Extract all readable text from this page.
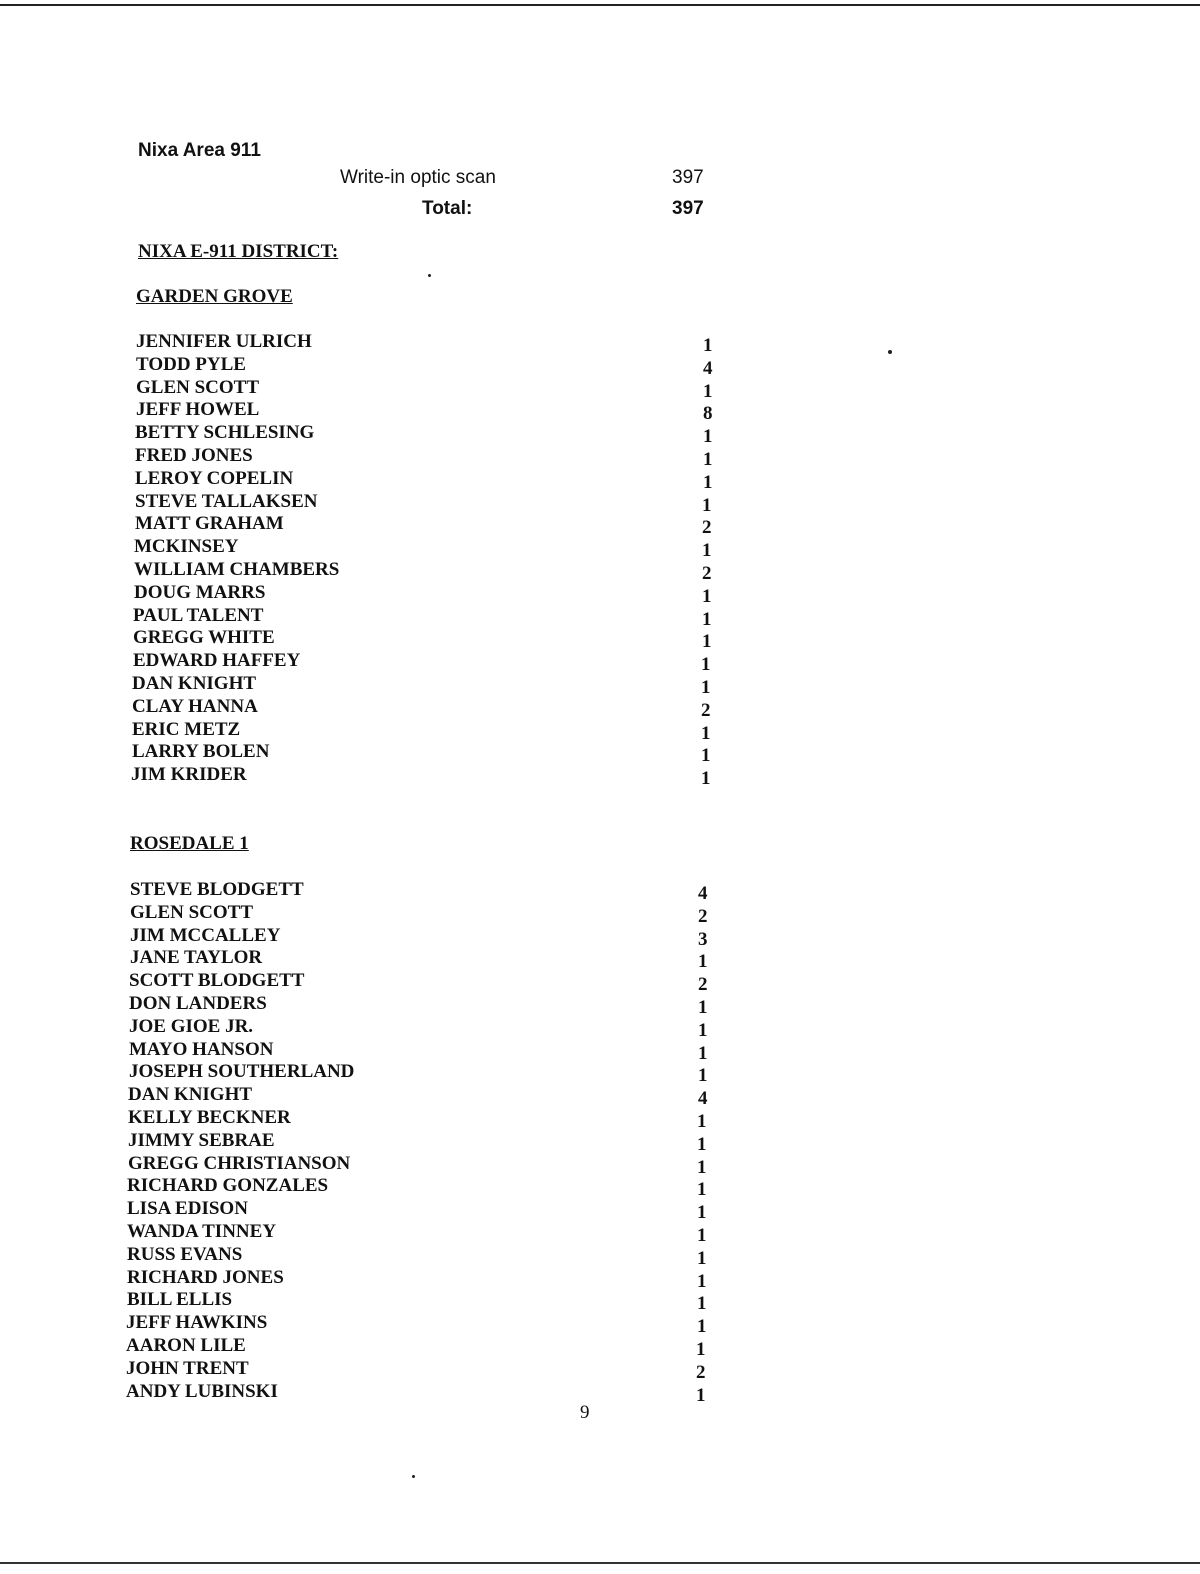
Nixa Area 911
Write-in optic scan	397
Total:	397
NIXA E-911 DISTRICT:
GARDEN GROVE
JENNIFER ULRICH	1
TODD PYLE	4
GLEN SCOTT	1
JEFF HOWEL	8
BETTY SCHLESING	1
FRED JONES	1
LEROY COPELIN	1
STEVE TALLAKSEN	1
MATT GRAHAM	2
MCKINSEY	1
WILLIAM CHAMBERS	2
DOUG MARRS	1
PAUL TALENT	1
GREGG WHITE	1
EDWARD HAFFEY	1
DAN KNIGHT	1
CLAY HANNA	2
ERIC METZ	1
LARRY BOLEN	1
JIM KRIDER	1
ROSEDALE 1
STEVE BLODGETT	4
GLEN SCOTT	2
JIM MCCALLEY	3
JANE TAYLOR	1
SCOTT BLODGETT	2
DON LANDERS	1
JOE GIOE JR.	1
MAYO HANSON	1
JOSEPH SOUTHERLAND	1
DAN KNIGHT	4
KELLY BECKNER	1
JIMMY SEBRAE	1
GREGG CHRISTIANSON	1
RICHARD GONZALES	1
LISA EDISON	1
WANDA TINNEY	1
RUSS EVANS	1
RICHARD JONES	1
BILL ELLIS	1
JEFF HAWKINS	1
AARON LILE	1
JOHN TRENT	2
ANDY LUBINSKI	1
9
